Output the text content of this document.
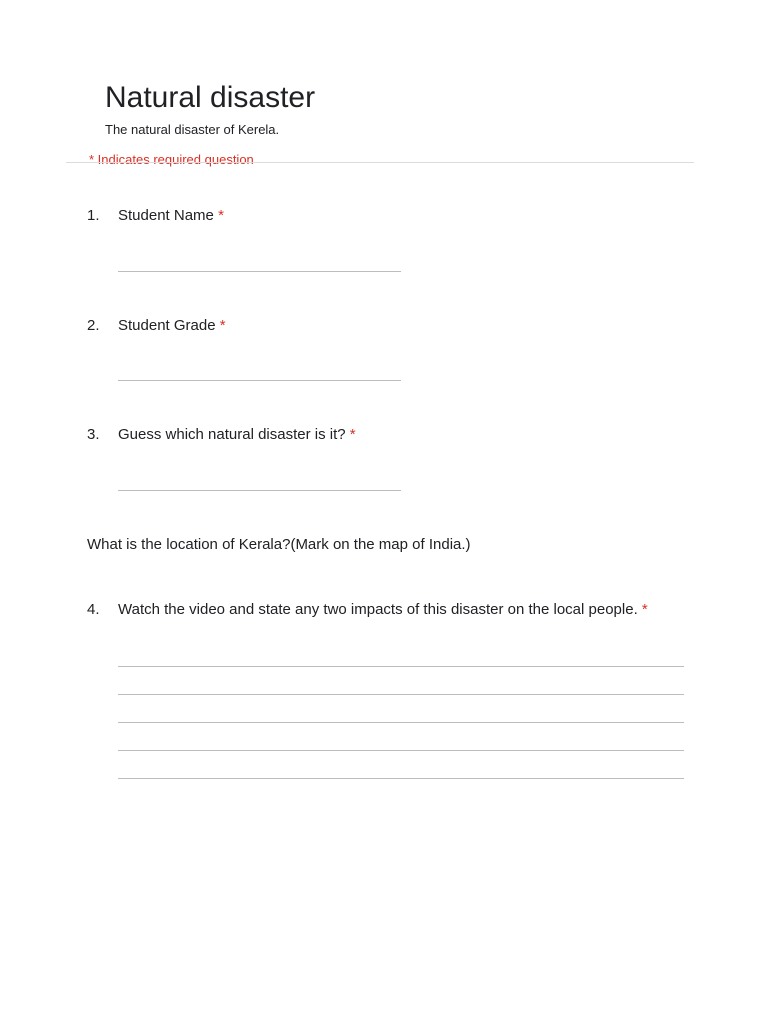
Natural disaster
The natural disaster of Kerela.
* Indicates required question
1. Student Name *
2. Student Grade *
3. Guess which natural disaster is it? *
What is the location of Kerala?(Mark on the map of India.)
4. Watch the video and state any two impacts of this disaster on the local people. *
